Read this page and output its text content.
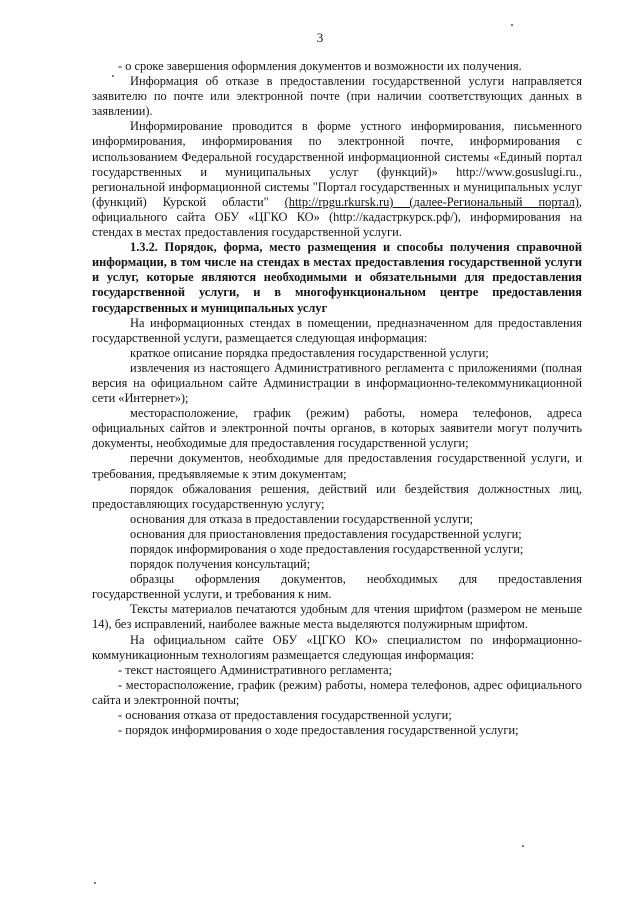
3

- о сроке завершения оформления документов и возможности их получения.

Информация об отказе в предоставлении государственной услуги направляется заявителю по почте или электронной почте (при наличии соответствующих данных в заявлении).

Информирование проводится в форме устного информирования, письменного информирования, информирования по электронной почте, информирования с использованием Федеральной государственной информационной системы «Единый портал государственных и муниципальных услуг (функций)» http://www.gosuslugi.ru., региональной информационной системы "Портал государственных и муниципальных услуг (функций) Курской области" (http://rpgu.rkursk.ru) (далее-Региональный портал), официального сайта ОБУ «ЦГКО КО» (http://кадастркурск.рф/), информирования на стендах в местах предоставления государственной услуги.

1.3.2. Порядок, форма, место размещения и способы получения справочной информации, в том числе на стендах в местах предоставления государственной услуги и услуг, которые являются необходимыми и обязательными для предоставления государственной услуги, и в многофункциональном центре предоставления государственных и муниципальных услуг

На информационных стендах в помещении, предназначенном для предоставления государственной услуги, размещается следующая информация:

краткое описание порядка предоставления государственной услуги;

извлечения из настоящего Административного регламента с приложениями (полная версия на официальном сайте Администрации в информационно-телекоммуникационной сети «Интернет»);

месторасположение, график (режим) работы, номера телефонов, адреса официальных сайтов и электронной почты органов, в которых заявители могут получить документы, необходимые для предоставления государственной услуги;

перечни документов, необходимые для предоставления государственной услуги, и требования, предъявляемые к этим документам;

порядок обжалования решения, действий или бездействия должностных лиц, предоставляющих государственную услугу;

основания для отказа в предоставлении государственной услуги;

основания для приостановления предоставления государственной услуги;

порядок информирования о ходе предоставления государственной услуги;

порядок получения консультаций;

образцы оформления документов, необходимых для предоставления государственной услуги, и требования к ним.

Тексты материалов печатаются удобным для чтения шрифтом (размером не меньше 14), без исправлений, наиболее важные места выделяются полужирным шрифтом.

На официальном сайте ОБУ «ЦГКО КО» специалистом по информационно-коммуникационным технологиям размещается следующая информация:

- текст настоящего Административного регламента;

- месторасположение, график (режим) работы, номера телефонов, адрес официального сайта и электронной почты;

- основания отказа от предоставления государственной услуги;

- порядок информирования о ходе предоставления государственной услуги;
